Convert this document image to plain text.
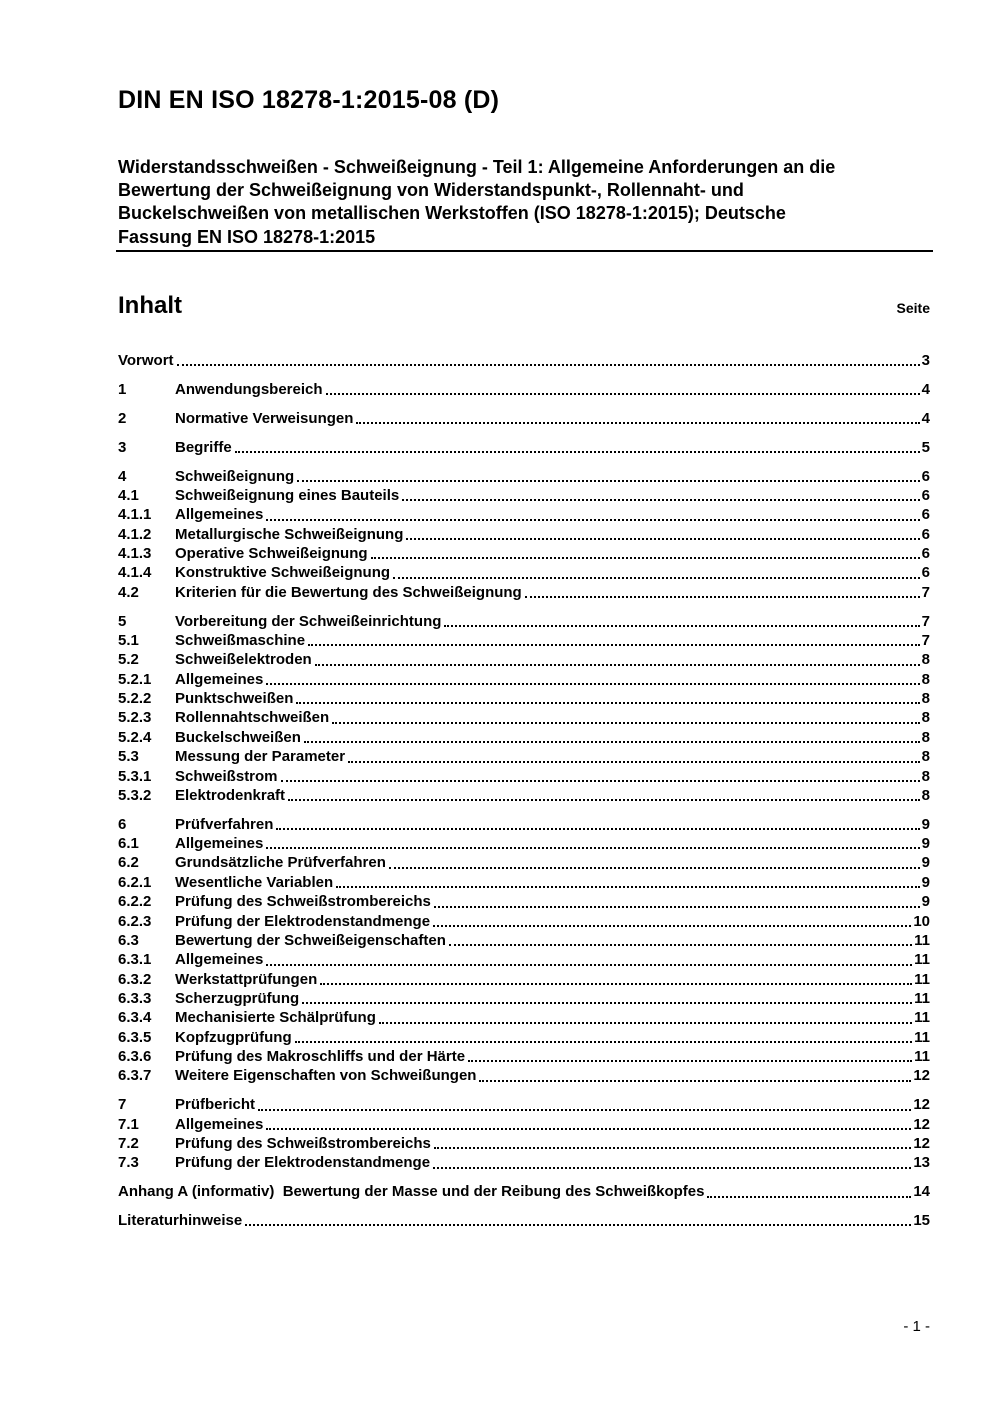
DIN EN ISO 18278-1:2015-08 (D)
Widerstandsschweißen - Schweißeignung - Teil 1: Allgemeine Anforderungen an die
Bewertung der Schweißeignung von Widerstandspunkt-, Rollennaht- und
Buckelschweißen von metallischen Werkstoffen (ISO 18278-1:2015); Deutsche
Fassung EN ISO 18278-1:2015
Inhalt	Seite
Vorwort	3
1	Anwendungsbereich	4
2	Normative Verweisungen	4
3	Begriffe	5
4	Schweißeignung	6
4.1	Schweißeignung eines Bauteils	6
4.1.1	Allgemeines	6
4.1.2	Metallurgische Schweißeignung	6
4.1.3	Operative Schweißeignung	6
4.1.4	Konstruktive Schweißeignung	6
4.2	Kriterien für die Bewertung des Schweißeignung	7
5	Vorbereitung der Schweißeinrichtung	7
5.1	Schweißmaschine	7
5.2	Schweißelektroden	8
5.2.1	Allgemeines	8
5.2.2	Punktschweißen	8
5.2.3	Rollennahtschweißen	8
5.2.4	Buckelschweißen	8
5.3	Messung der Parameter	8
5.3.1	Schweißstrom	8
5.3.2	Elektrodenkraft	8
6	Prüfverfahren	9
6.1	Allgemeines	9
6.2	Grundsätzliche Prüfverfahren	9
6.2.1	Wesentliche Variablen	9
6.2.2	Prüfung des Schweißstrombereichs	9
6.2.3	Prüfung der Elektrodenstandmenge	10
6.3	Bewertung der Schweißeigenschaften	11
6.3.1	Allgemeines	11
6.3.2	Werkstattprüfungen	11
6.3.3	Scherzugprüfung	11
6.3.4	Mechanisierte Schälprüfung	11
6.3.5	Kopfzugprüfung	11
6.3.6	Prüfung des Makroschliffs und der Härte	11
6.3.7	Weitere Eigenschaften von Schweißungen	12
7	Prüfbericht	12
7.1	Allgemeines	12
7.2	Prüfung des Schweißstrombereichs	12
7.3	Prüfung der Elektrodenstandmenge	13
Anhang A (informativ)  Bewertung der Masse und der Reibung des Schweißkopfes	14
Literaturhinweise	15
- 1 -
